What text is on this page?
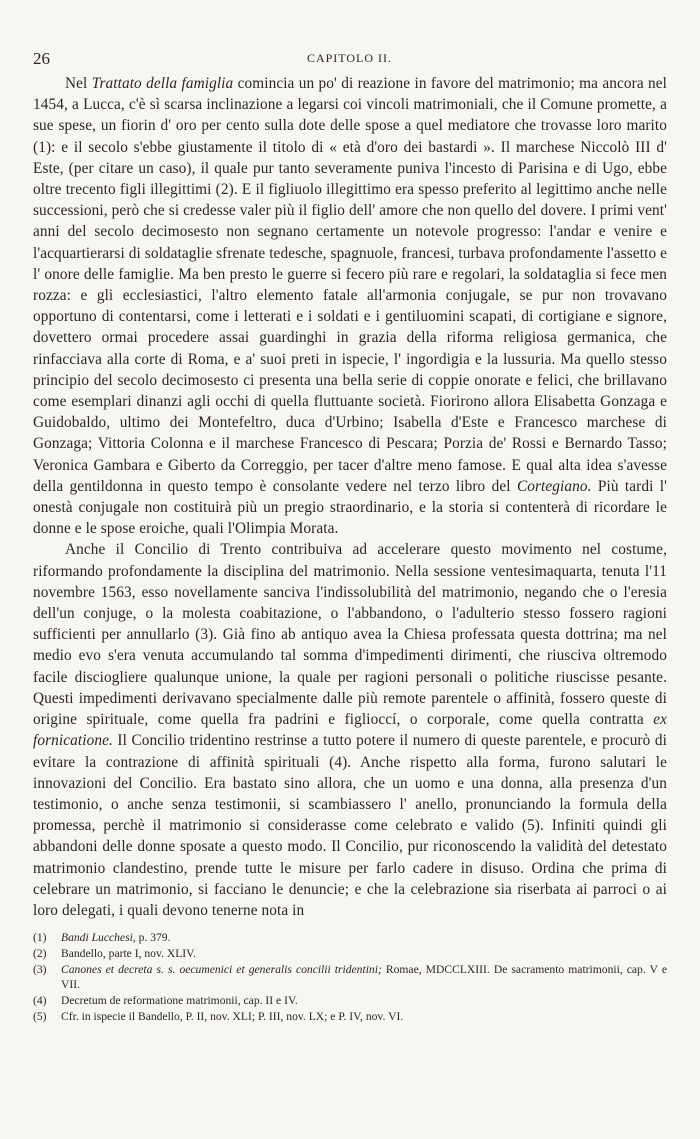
26	CAPITOLO II.

Nel Trattato della famiglia comincia un po' di reazione in favore del matrimonio; ma ancora nel 1454, a Lucca, c'è sì scarsa inclinazione a legarsi coi vincoli matrimoniali, che il Comune promette, a sue spese, un fiorin d' oro per cento sulla dote delle spose a quel mediatore che trovasse loro marito (1): e il secolo s'ebbe giustamente il titolo di « età d'oro dei bastardi ». Il marchese Niccolò III d' Este, (per citare un caso), il quale pur tanto severamente puniva l'incesto di Parisina e di Ugo, ebbe oltre trecento figli illegittimi (2). E il figliuolo illegittimo era spesso preferito al legittimo anche nelle successioni, però che si credesse valer più il figlio dell' amore che non quello del dovere. I primi vent' anni del secolo decimosesto non segnano certamente un notevole progresso: l'andar e venire e l'acquartierarsi di soldataglie sfrenate tedesche, spagnuole, francesi, turbava profondamente l'assetto e l' onore delle famiglie. Ma ben presto le guerre si fecero più rare e regolari, la soldataglia si fece men rozza: e gli ecclesiastici, l'altro elemento fatale all'armonia conjugale, se pur non trovavano opportuno di contentarsi, come i letterati e i soldati e i gentiluomini scapati, di cortigiane e signore, dovettero ormai procedere assai guardinghi in grazia della riforma religiosa germanica, che rinfacciava alla corte di Roma, e a' suoi preti in ispecie, l' ingordigia e la lussuria. Ma quello stesso principio del secolo decimosesto ci presenta una bella serie di coppie onorate e felici, che brillavano come esemplari dinanzi agli occhi di quella fluttuante società. Fiorirono allora Elisabetta Gonzaga e Guidobaldo, ultimo dei Montefeltro, duca d'Urbino; Isabella d'Este e Francesco marchese di Gonzaga; Vittoria Colonna e il marchese Francesco di Pescara; Porzia de' Rossi e Bernardo Tasso; Veronica Gambara e Giberto da Correggio, per tacer d'altre meno famose. E qual alta idea s'avesse della gentildonna in questo tempo è consolante vedere nel terzo libro del Cortegiano. Più tardi l' onestà conjugale non costituirà più un pregio straordinario, e la storia si contenterà di ricordare le donne e le spose eroiche, quali l'Olimpia Morata.

Anche il Concilio di Trento contribuiva ad accelerare questo movimento nel costume, riformando profondamente la disciplina del matrimonio. Nella sessione ventesimaquarta, tenuta l'11 novembre 1563, esso novellamente sanciva l'indissolubilità del matrimonio, negando che o l'eresia dell'un conjuge, o la molesta coabitazione, o l'abbandono, o l'adulterio stesso fossero ragioni sufficienti per annullarlo (3). Già fino ab antiquo avea la Chiesa professata questa dottrina; ma nel medio evo s'era venuta accumulando tal somma d'impedimenti dirimenti, che riusciva oltremodo facile disciogliere qualunque unione, la quale per ragioni personali o politiche riuscisse pesante. Questi impedimenti derivavano specialmente dalle più remote parentele o affinità, fossero queste di origine spirituale, come quella fra padrini e figlioccí, o corporale, come quella contratta ex fornicatione. Il Concilio tridentino restrinse a tutto potere il numero di queste parentele, e procurò di evitare la contrazione di affinità spirituali (4). Anche rispetto alla forma, furono salutari le innovazioni del Concilio. Era bastato sino allora, che un uomo e una donna, alla presenza d'un testimonio, o anche senza testimonii, si scambiassero l' anello, pronunciando la formula della promessa, perchè il matrimonio si considerasse come celebrato e valido (5). Infiniti quindi gli abbandoni delle donne sposate a questo modo. Il Concilio, pur riconoscendo la validità del detestato matrimonio clandestino, prende tutte le misure per farlo cadere in disuso. Ordina che prima di celebrare un matrimonio, si facciano le denuncie; e che la celebrazione sia riserbata ai parroci o ai loro delegati, i quali devono tenerne nota in

(1) Bandi Lucchesi, p. 379.
(2) Bandello, parte I, nov. XLIV.
(3) Canones et decreta s. s. oecumenici et generalis concilii tridentini; Romae, MDCCLXIII. De sacramento matrimonii, cap. V e VII.
(4) Decretum de reformatione matrimonii, cap. II e IV.
(5) Cfr. in ispecie il Bandello, P. II, nov. XLI; P. III, nov. LX; e P. IV, nov. VI.
